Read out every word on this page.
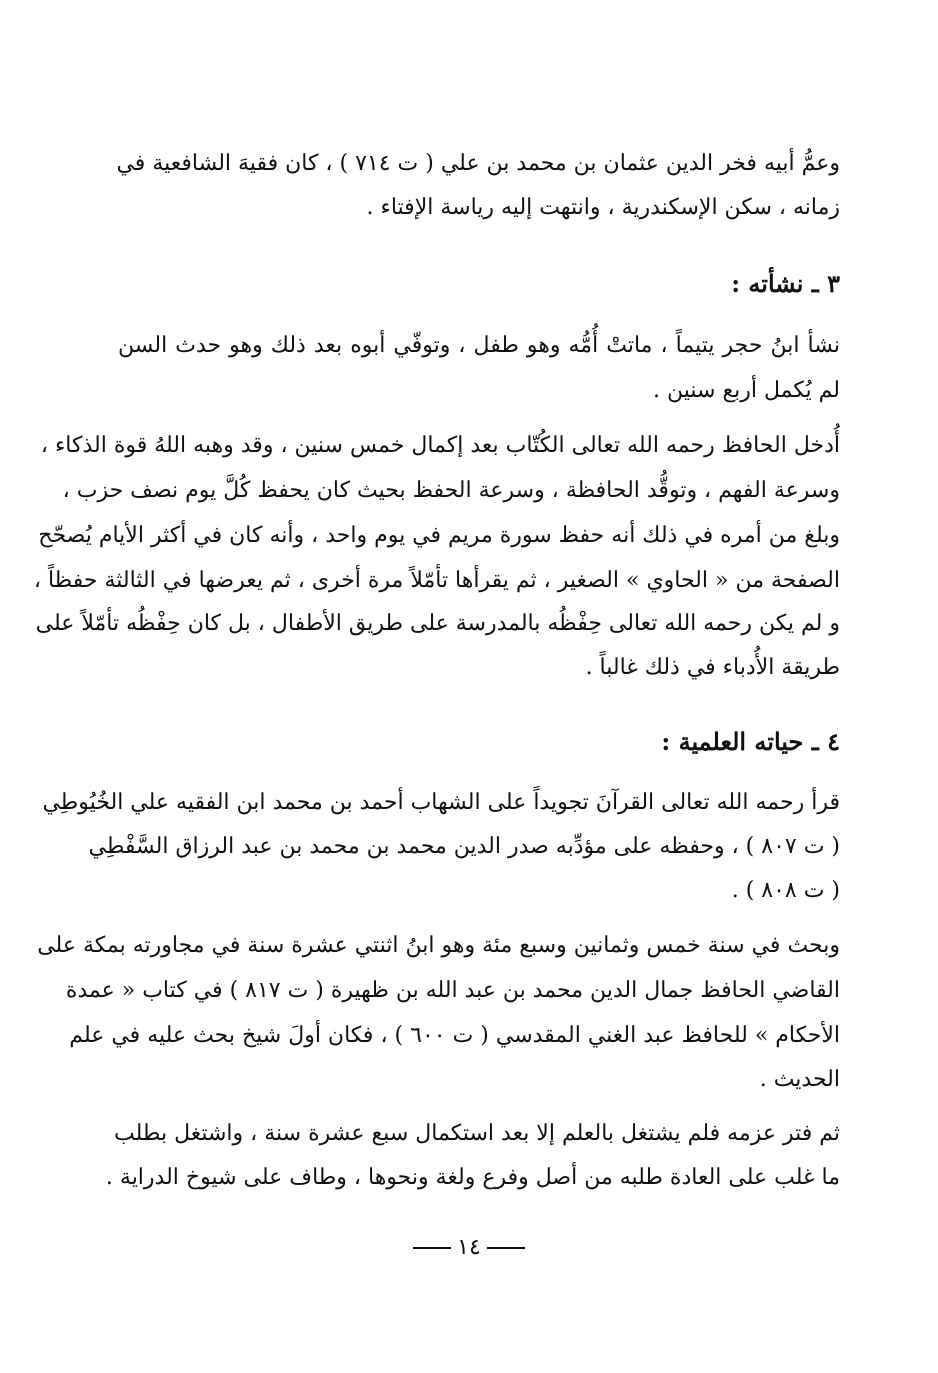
وعمُّ أبيه فخر الدين عثمان بن محمد بن علي ( ت ٧١٤ ) ، كان فقيهَ الشافعية في
زمانه ، سكن الإسكندرية ، وانتهت إليه رياسة الإفتاء .
٣ ـ نشأته :
نشأ ابنُ حجر يتيماً ، ماتتْ أُمُّه وهو طفل ، وتوفّي أبوه بعد ذلك وهو حدث السن
لم يُكمل أربع سنين .
أُدخل الحافظ رحمه الله تعالى الكُتّاب بعد إكمال خمس سنين ، وقد وهبه اللهُ قوة الذكاء ،
وسرعة الفهم ، وتوقُّد الحافظة ، وسرعة الحفظ بحيث كان يحفظ كُلَّ يوم نصف حزب ،
وبلغ من أمره في ذلك أنه حفظ سورة مريم في يوم واحد ، وأنه كان في أكثر الأيام يُصحّح
الصفحة من « الحاوي » الصغير ، ثم يقرأها تأمّلاً مرة أخرى ، ثم يعرضها في الثالثة حفظاً ،
و لم يكن رحمه الله تعالى حِفْظُه بالمدرسة على طريق الأطفال ، بل كان حِفْظُه تأمّلاً على
طريقة الأُدباء في ذلك غالباً .
٤ ـ حياته العلمية :
قرأ رحمه الله تعالى القرآنَ تجويداً على الشهاب أحمد بن محمد ابن الفقيه علي الخُيُوطِي
( ت ٨٠٧ ) ، وحفظه على مؤدِّبه صدر الدين محمد بن محمد بن عبد الرزاق السَّفْطِي
( ت ٨٠٨ ) .
وبحث في سنة خمس وثمانين وسبع مئة وهو ابنُ اثنتي عشرة سنة في مجاورته بمكة على
القاضي الحافظ جمال الدين محمد بن عبد الله بن ظهيرة ( ت ٨١٧ ) في كتاب « عمدة
الأحكام » للحافظ عبد الغني المقدسي ( ت ٦٠٠ ) ، فكان أولَ شيخ بحث عليه في علم
الحديث .
ثم فتر عزمه فلم يشتغل بالعلم إلا بعد استكمال سبع عشرة سنة ، واشتغل بطلب
ما غلب على العادة طلبه من أصل وفرع ولغة ونحوها ، وطاف على شيوخ الدراية .
١٤
